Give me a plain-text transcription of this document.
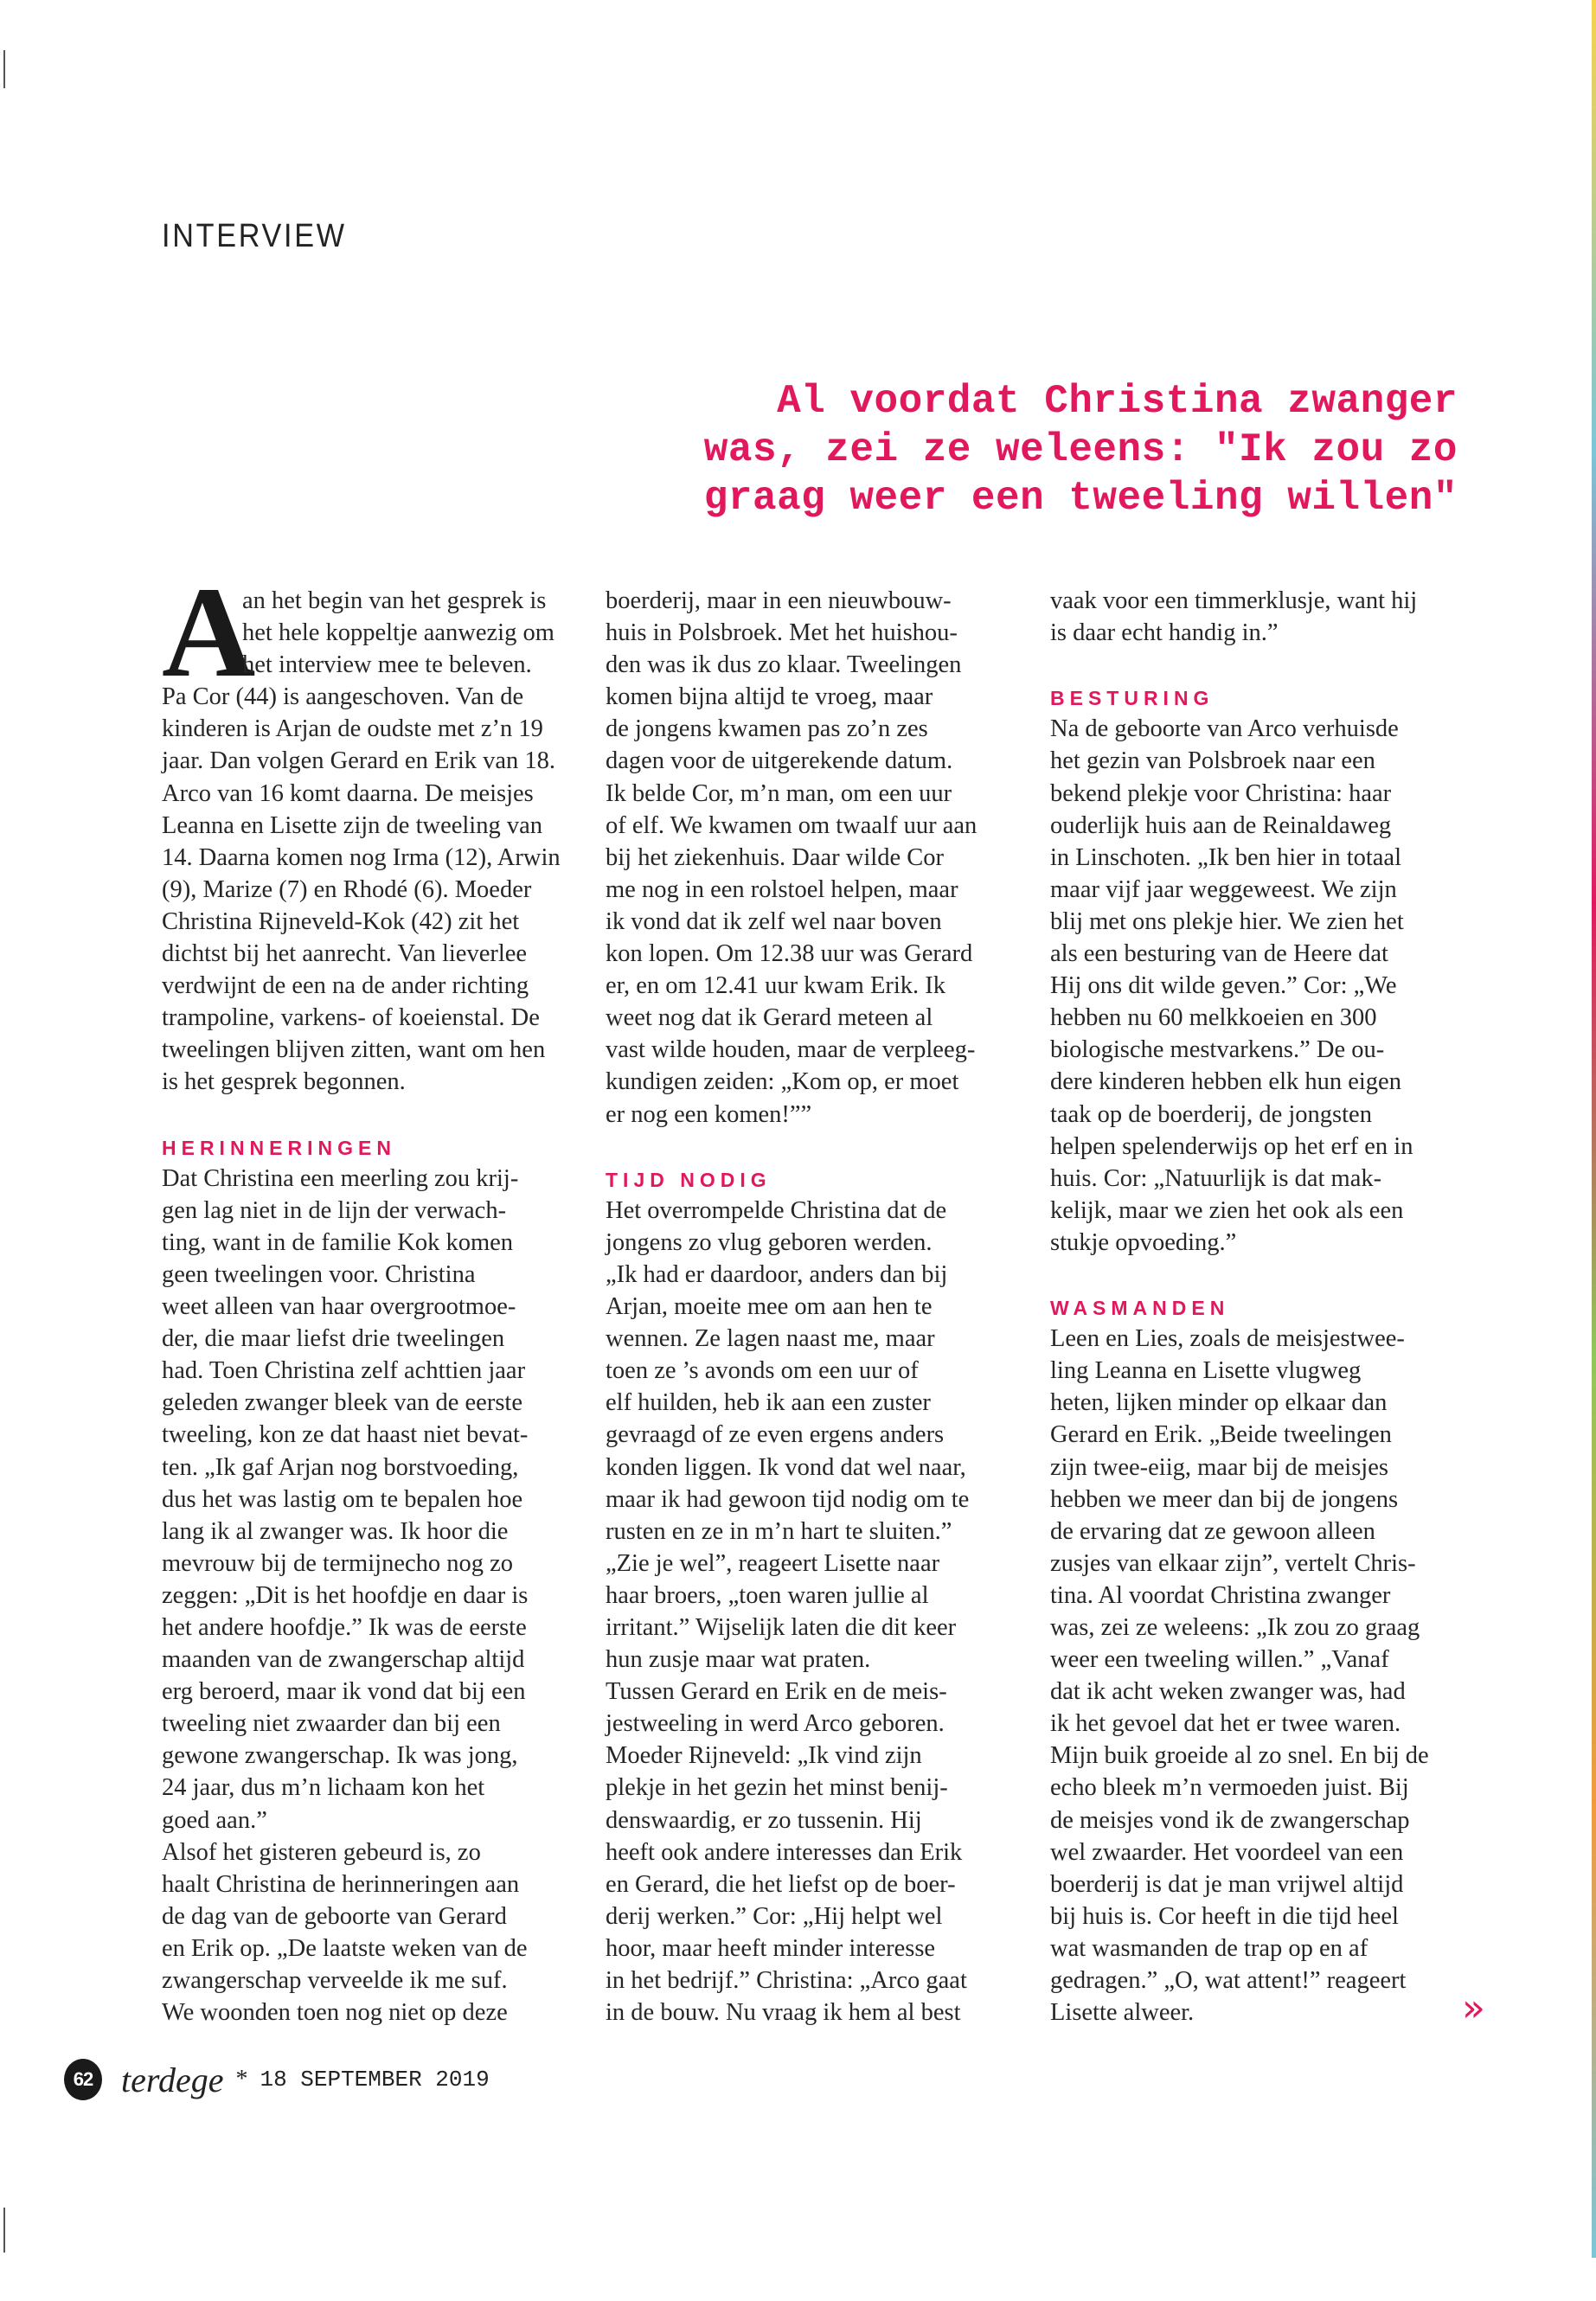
INTERVIEW
Al voordat Christina zwanger
was, zei ze weleens: "Ik zou zo
graag weer een tweeling willen"
A
an het begin van het gesprek is
het hele koppeltje aanwezig om
het interview mee te beleven.
Pa Cor (44) is aangeschoven. Van de
kinderen is Arjan de oudste met z’n 19
jaar. Dan volgen Gerard en Erik van 18.
Arco van 16 komt daarna. De meisjes
Leanna en Lisette zijn de tweeling van
14. Daarna komen nog Irma (12), Arwin
(9), Marize (7) en Rhodé (6). Moeder
Christina Rijneveld-Kok (42) zit het
dichtst bij het aanrecht. Van lieverlee
verdwijnt de een na de ander richting
trampoline, varkens- of koeienstal. De
tweelingen blijven zitten, want om hen
is het gesprek begonnen.
HERINNERINGEN
Dat Christina een meerling zou krij-
gen lag niet in de lijn der verwach-
ting, want in de familie Kok komen
geen tweelingen voor. Christina
weet alleen van haar overgrootmoe-
der, die maar liefst drie tweelingen
had. Toen Christina zelf achttien jaar
geleden zwanger bleek van de eerste
tweeling, kon ze dat haast niet bevat-
ten. „Ik gaf Arjan nog borstvoeding,
dus het was lastig om te bepalen hoe
lang ik al zwanger was. Ik hoor die
mevrouw bij de termijnecho nog zo
zeggen: „Dit is het hoofdje en daar is
het andere hoofdje.” Ik was de eerste
maanden van de zwangerschap altijd
erg beroerd, maar ik vond dat bij een
tweeling niet zwaarder dan bij een
gewone zwangerschap. Ik was jong,
24 jaar, dus m’n lichaam kon het
goed aan.”
Alsof het gisteren gebeurd is, zo
haalt Christina de herinneringen aan
de dag van de geboorte van Gerard
en Erik op. „De laatste weken van de
zwangerschap verveelde ik me suf.
We woonden toen nog niet op deze
boerderij, maar in een nieuwbouw-
huis in Polsbroek. Met het huishou-
den was ik dus zo klaar. Tweelingen
komen bijna altijd te vroeg, maar
de jongens kwamen pas zo’n zes
dagen voor de uitgerekende datum.
Ik belde Cor, m’n man, om een uur
of elf. We kwamen om twaalf uur aan
bij het ziekenhuis. Daar wilde Cor
me nog in een rolstoel helpen, maar
ik vond dat ik zelf wel naar boven
kon lopen. Om 12.38 uur was Gerard
er, en om 12.41 uur kwam Erik. Ik
weet nog dat ik Gerard meteen al
vast wilde houden, maar de verpleeg-
kundigen zeiden: „Kom op, er moet
er nog een komen!””
TIJD NODIG
Het overrompelde Christina dat de
jongens zo vlug geboren werden.
„Ik had er daardoor, anders dan bij
Arjan, moeite mee om aan hen te
wennen. Ze lagen naast me, maar
toen ze ’s avonds om een uur of
elf huilden, heb ik aan een zuster
gevraagd of ze even ergens anders
konden liggen. Ik vond dat wel naar,
maar ik had gewoon tijd nodig om te
rusten en ze in m’n hart te sluiten.”
„Zie je wel”, reageert Lisette naar
haar broers, „toen waren jullie al
irritant.” Wijselijk laten die dit keer
hun zusje maar wat praten.
Tussen Gerard en Erik en de meis-
jestweeling in werd Arco geboren.
Moeder Rijneveld: „Ik vind zijn
plekje in het gezin het minst benij-
denswaardig, er zo tussenin. Hij
heeft ook andere interesses dan Erik
en Gerard, die het liefst op de boer-
derij werken.” Cor: „Hij helpt wel
hoor, maar heeft minder interesse
in het bedrijf.” Christina: „Arco gaat
in de bouw. Nu vraag ik hem al best
vaak voor een timmerklusje, want hij
is daar echt handig in.”
BESTURING
Na de geboorte van Arco verhuisde
het gezin van Polsbroek naar een
bekend plekje voor Christina: haar
ouderlijk huis aan de Reinaldaweg
in Linschoten. „Ik ben hier in totaal
maar vijf jaar weggeweest. We zijn
blij met ons plekje hier. We zien het
als een besturing van de Heere dat
Hij ons dit wilde geven.” Cor: „We
hebben nu 60 melkkoeien en 300
biologische mestvarkens.” De ou-
dere kinderen hebben elk hun eigen
taak op de boerderij, de jongsten
helpen spelenderwijs op het erf en in
huis. Cor: „Natuurlijk is dat mak-
kelijk, maar we zien het ook als een
stukje opvoeding.”
WASMANDEN
Leen en Lies, zoals de meisjestwee-
ling Leanna en Lisette vlugweg
heten, lijken minder op elkaar dan
Gerard en Erik. „Beide tweelingen
zijn twee-eiig, maar bij de meisjes
hebben we meer dan bij de jongens
de ervaring dat ze gewoon alleen
zusjes van elkaar zijn”, vertelt Chris-
tina. Al voordat Christina zwanger
was, zei ze weleens: „Ik zou zo graag
weer een tweeling willen.” „Vanaf
dat ik acht weken zwanger was, had
ik het gevoel dat het er twee waren.
Mijn buik groeide al zo snel. En bij de
echo bleek m’n vermoeden juist. Bij
de meisjes vond ik de zwangerschap
wel zwaarder. Het voordeel van een
boerderij is dat je man vrijwel altijd
bij huis is. Cor heeft in die tijd heel
wat wasmanden de trap op en af
gedragen.” „O, wat attent!” reageert
Lisette alweer.	»
62 terdege * 18 SEPTEMBER 2019
